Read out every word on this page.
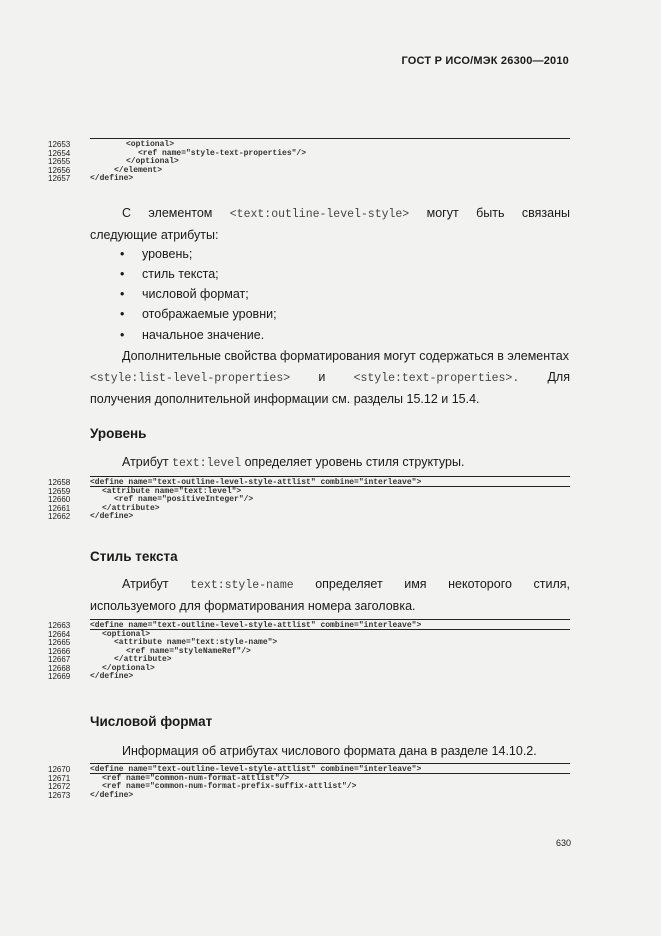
ГОСТ Р ИСО/МЭК 26300—2010
12653	<optional>
12654	<ref name="style-text-properties"/>
12655	</optional>
12656	</element>
12657	</define>
С элементом <text:outline-level-style> могут быть связаны
следующие атрибуты:
• уровень;
• стиль текста;
• числовой формат;
• отображаемые уровни;
• начальное значение.
Дополнительные свойства форматирования могут содержаться в элементах
<style:list-level-properties> и <style:text-properties>. Для
получения дополнительной информации см. разделы 15.12 и 15.4.
Уровень
Атрибут text:level определяет уровень стиля структуры.
12658	<define name="text-outline-level-style-attlist" combine="interleave">
12659	<attribute name="text:level">
12660	<ref name="positiveInteger"/>
12661	</attribute>
12662	</define>
Стиль текста
Атрибут text:style-name определяет имя некоторого стиля,
используемого для форматирования номера заголовка.
12663	<define name="text-outline-level-style-attlist" combine="interleave">
12664	<optional>
12665	<attribute name="text:style-name">
12666	<ref name="styleNameRef"/>
12667	</attribute>
12668	</optional>
12669	</define>
Числовой формат
Информация об атрибутах числового формата дана в разделе 14.10.2.
12670	<define name="text-outline-level-style-attlist" combine="interleave">
12671	<ref name="common-num-format-attlist"/>
12672	<ref name="common-num-format-prefix-suffix-attlist"/>
12673	</define>
630
